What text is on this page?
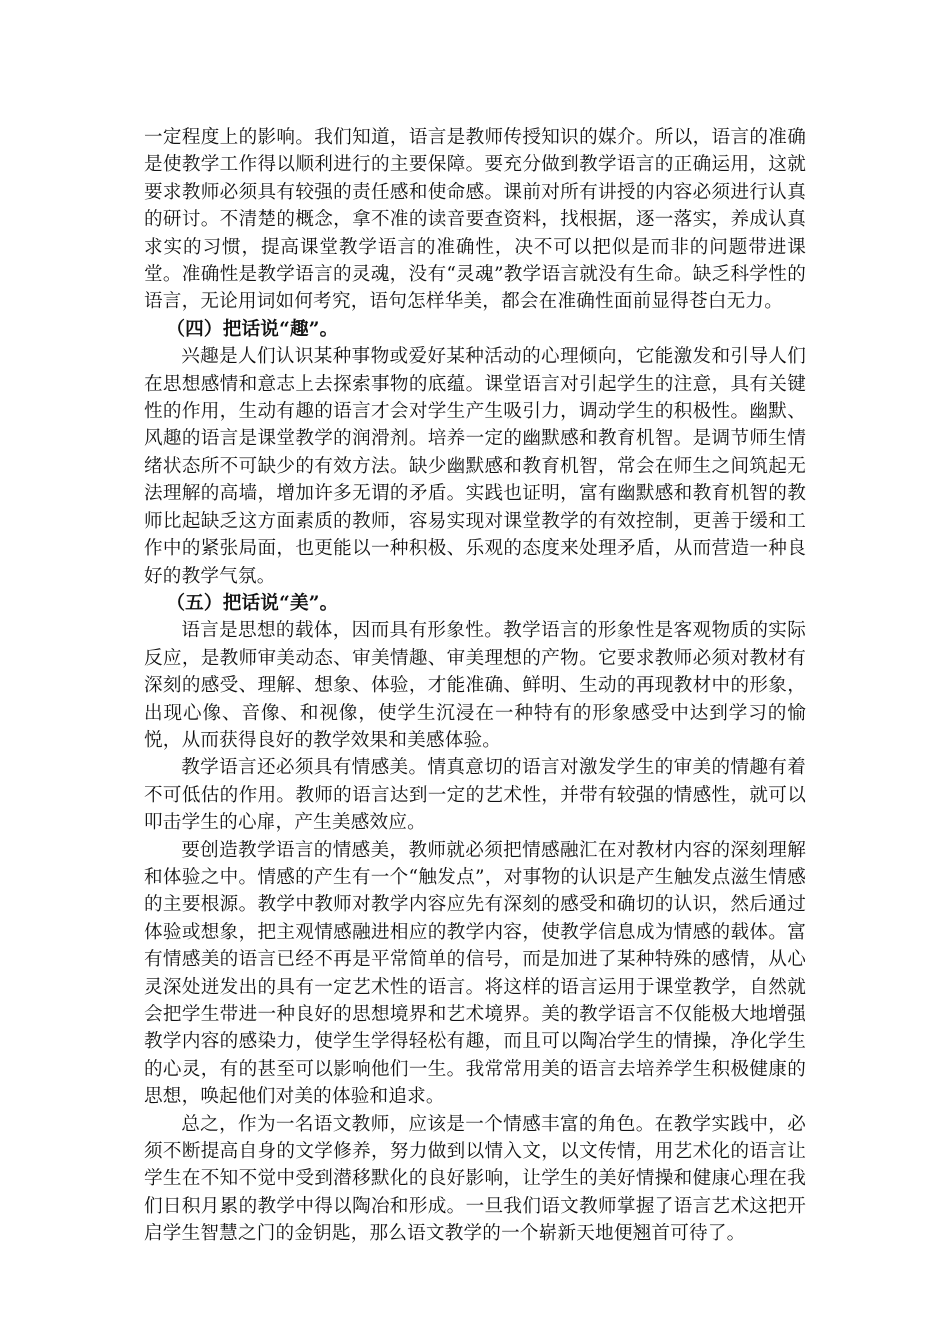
一定程度上的影响。我们知道，语言是教师传授知识的媒介。所以，语言的准确是使教学工作得以顺利进行的主要保障。要充分做到教学语言的正确运用，这就要求教师必须具有较强的责任感和使命感。课前对所有讲授的内容必须进行认真的研讨。不清楚的概念，拿不准的读音要查资料，找根据，逐一落实，养成认真求实的习惯，提高课堂教学语言的准确性，决不可以把似是而非的问题带进课堂。准确性是教学语言的灵魂，没有“灵魂”教学语言就没有生命。缺乏科学性的语言，无论用词如何考究，语句怎样华美，都会在准确性面前显得苍白无力。

（四）把话说“趣”。

兴趣是人们认识某种事物或爱好某种活动的心理倾向，它能激发和引导人们在思想感情和意志上去探索事物的底蕴。课堂语言对引起学生的注意，具有关键性的作用，生动有趣的语言才会对学生产生吸引力，调动学生的积极性。幽默、风趣的语言是课堂教学的润滑剂。培养一定的幽默感和教育机智。是调节师生情绪状态所不可缺少的有效方法。缺少幽默感和教育机智，常会在师生之间筑起无法理解的高墙，增加许多无谓的矛盾。实践也证明，富有幽默感和教育机智的教师比起缺乏这方面素质的教师，容易实现对课堂教学的有效控制，更善于缓和工作中的紧张局面，也更能以一种积极、乐观的态度来处理矛盾，从而营造一种良好的教学气氛。

（五）把话说“美”。

语言是思想的载体，因而具有形象性。教学语言的形象性是客观物质的实际反应，是教师审美动态、审美情趣、审美理想的产物。它要求教师必须对教材有深刻的感受、理解、想象、体验，才能准确、鲜明、生动的再现教材中的形象，出现心像、音像、和视像，使学生沉浸在一种特有的形象感受中达到学习的愉悦，从而获得良好的教学效果和美感体验。

教学语言还必须具有情感美。情真意切的语言对激发学生的审美的情趣有着不可低估的作用。教师的语言达到一定的艺术性，并带有较强的情感性，就可以叩击学生的心扉，产生美感效应。

要创造教学语言的情感美，教师就必须把情感融汇在对教材内容的深刻理解和体验之中。情感的产生有一个“触发点”，对事物的认识是产生触发点滋生情感的主要根源。教学中教师对教学内容应先有深刻的感受和确切的认识，然后通过体验或想象，把主观情感融进相应的教学内容，使教学信息成为情感的载体。富有情感美的语言已经不再是平常简单的信号，而是加进了某种特殊的感情，从心灵深处迸发出的具有一定艺术性的语言。将这样的语言运用于课堂教学，自然就会把学生带进一种良好的思想境界和艺术境界。美的教学语言不仅能极大地增强教学内容的感染力，使学生学得轻松有趣，而且可以陶冶学生的情操，净化学生的心灵，有的甚至可以影响他们一生。我常常用美的语言去培养学生积极健康的思想，唤起他们对美的体验和追求。

总之，作为一名语文教师，应该是一个情感丰富的角色。在教学实践中，必须不断提高自身的文学修养，努力做到以情入文，以文传情，用艺术化的语言让学生在不知不觉中受到潜移默化的良好影响，让学生的美好情操和健康心理在我们日积月累的教学中得以陶冶和形成。一旦我们语文教师掌握了语言艺术这把开启学生智慧之门的金钥匙，那么语文教学的一个崭新天地便翘首可待了。
